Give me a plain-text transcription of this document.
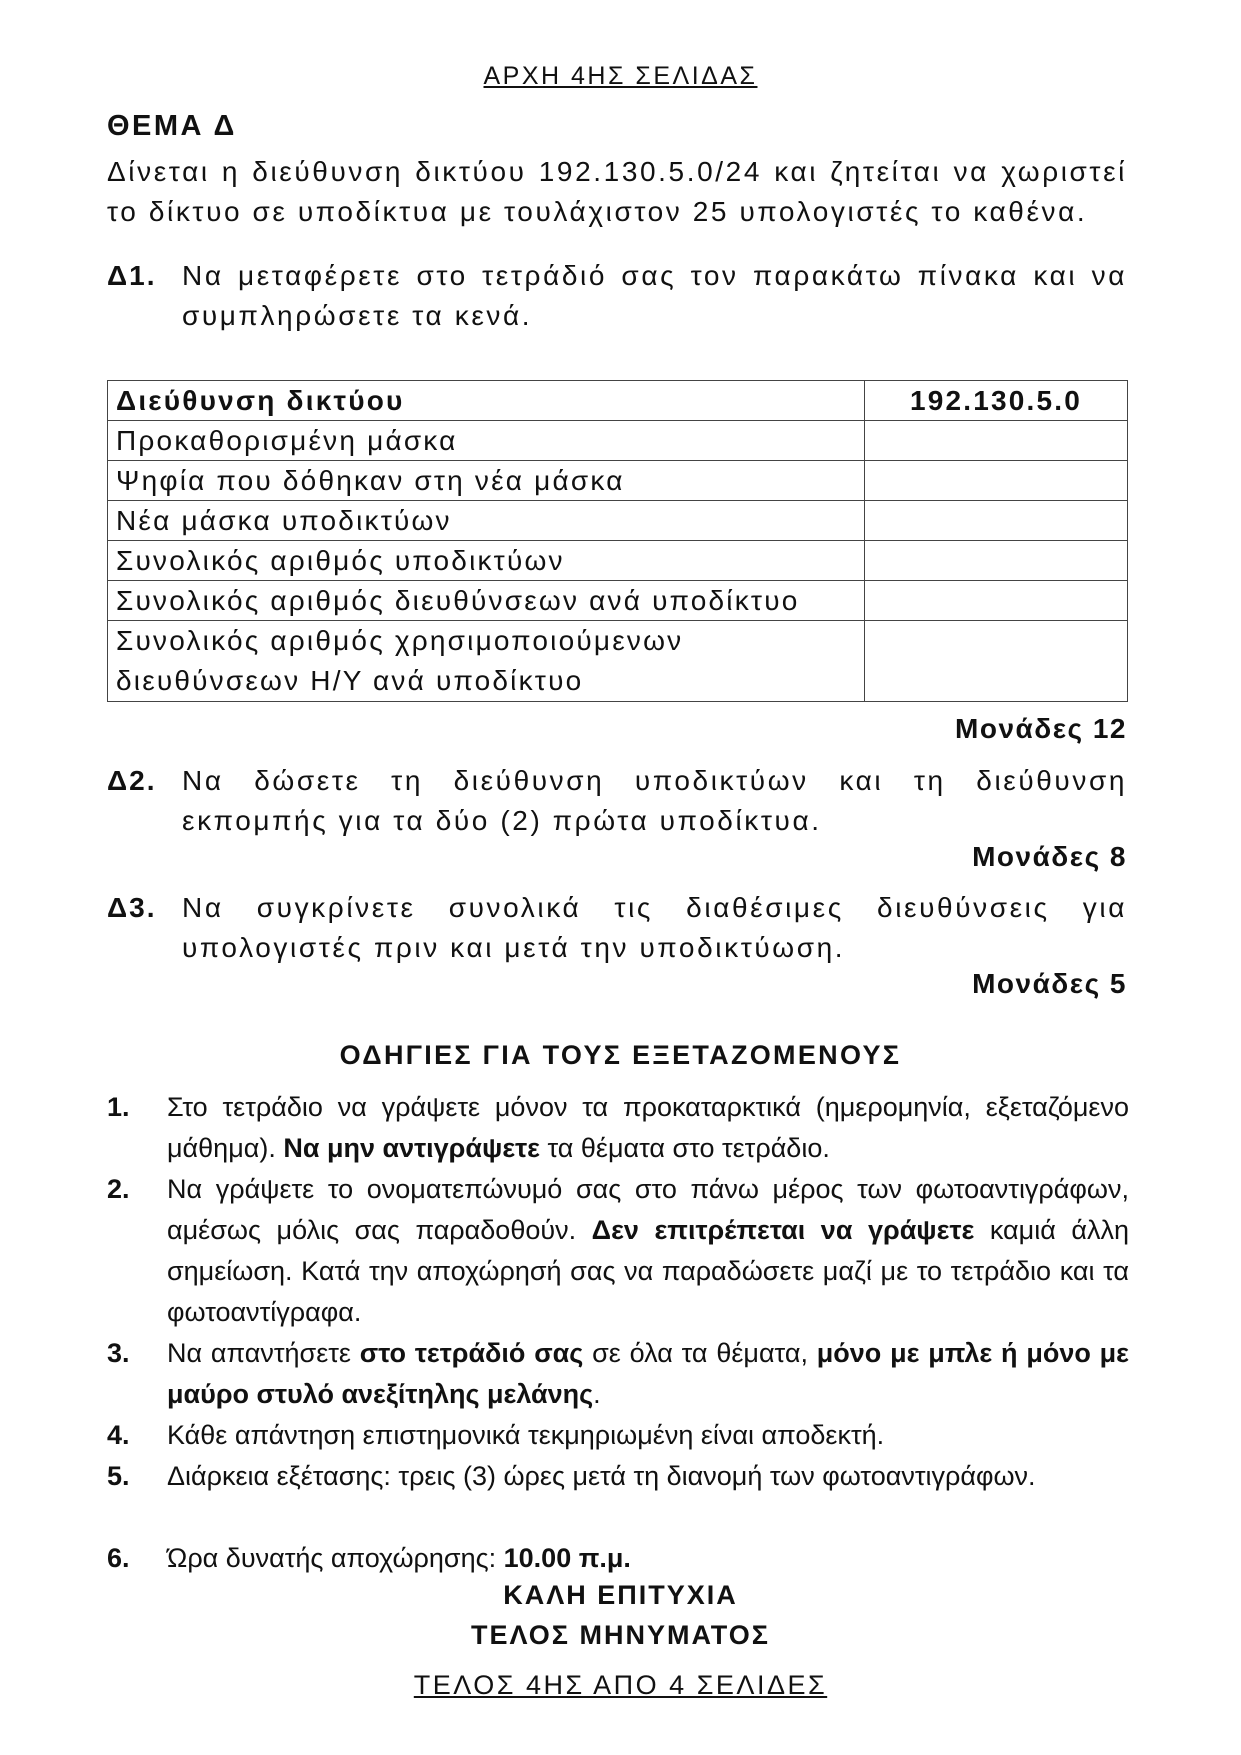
ΑΡΧΗ 4ΗΣ ΣΕΛΙΔΑΣ
ΘΕΜΑ Δ
Δίνεται η διεύθυνση δικτύου 192.130.5.0/24 και ζητείται να χωριστεί το δίκτυο σε υποδίκτυα με τουλάχιστον 25 υπολογιστές το καθένα.
Δ1. Να μεταφέρετε στο τετράδιό σας τον παρακάτω πίνακα και να συμπληρώσετε τα κενά.
Διεύθυνση δικτύου	192.130.5.0
Προκαθορισμένη μάσκα	
Ψηφία που δόθηκαν στη νέα μάσκα	
Νέα μάσκα υποδικτύων	
Συνολικός αριθμός υποδικτύων	
Συνολικός αριθμός διευθύνσεων ανά υποδίκτυο	
Συνολικός αριθμός χρησιμοποιούμενων διευθύνσεων Η/Υ ανά υποδίκτυο	
Μονάδες 12
Δ2. Να δώσετε τη διεύθυνση υποδικτύων και τη διεύθυνση εκπομπής για τα δύο (2) πρώτα υποδίκτυα.
Μονάδες 8
Δ3. Να συγκρίνετε συνολικά τις διαθέσιμες διευθύνσεις για υπολογιστές πριν και μετά την υποδικτύωση.
Μονάδες 5
ΟΔΗΓΙΕΣ ΓΙΑ ΤΟΥΣ ΕΞΕΤΑΖΟΜΕΝΟΥΣ
1. Στο τετράδιο να γράψετε μόνον τα προκαταρκτικά (ημερομηνία, εξεταζόμενο μάθημα). Να μην αντιγράψετε τα θέματα στο τετράδιο.
2. Να γράψετε το ονοματεπώνυμό σας στο πάνω μέρος των φωτοαντιγράφων, αμέσως μόλις σας παραδοθούν. Δεν επιτρέπεται να γράψετε καμιά άλλη σημείωση. Κατά την αποχώρησή σας να παραδώσετε μαζί με το τετράδιο και τα φωτοαντίγραφα.
3. Να απαντήσετε στο τετράδιό σας σε όλα τα θέματα, μόνο με μπλε ή μόνο με μαύρο στυλό ανεξίτηλης μελάνης.
4. Κάθε απάντηση επιστημονικά τεκμηριωμένη είναι αποδεκτή.
5. Διάρκεια εξέτασης: τρεις (3) ώρες μετά τη διανομή των φωτοαντιγράφων.
6. Ώρα δυνατής αποχώρησης: 10.00 π.μ.
ΚΑΛΗ ΕΠΙΤΥΧΙΑ
ΤΕΛΟΣ ΜΗΝΥΜΑΤΟΣ
ΤΕΛΟΣ 4ΗΣ ΑΠΟ 4 ΣΕΛΙΔΕΣ
